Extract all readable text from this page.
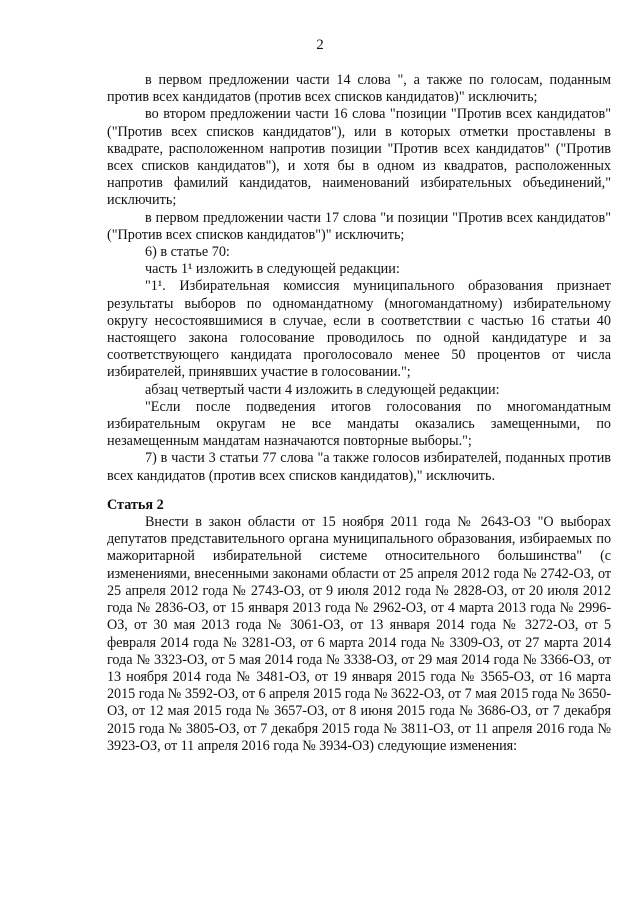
2

в первом предложении части 14 слова ", а также по голосам, поданным против всех кандидатов (против всех списков кандидатов)" исключить;

во втором предложении части 16 слова "позиции "Против всех кандидатов" ("Против всех списков кандидатов"), или в которых отметки проставлены в квадрате, расположенном напротив позиции "Против всех кандидатов" ("Против всех списков кандидатов"), и хотя бы в одном из квадратов, расположенных напротив фамилий кандидатов, наименований избирательных объединений," исключить;

в первом предложении части 17 слова "и позиции "Против всех кандидатов" ("Против всех списков кандидатов")" исключить;

6) в статье 70:

часть 1¹ изложить в следующей редакции:

"1¹. Избирательная комиссия муниципального образования признает результаты выборов по одномандатному (многомандатному) избирательному округу несостоявшимися в случае, если в соответствии с частью 16 статьи 40 настоящего закона голосование проводилось по одной кандидатуре и за соответствующего кандидата проголосовало менее 50 процентов от числа избирателей, принявших участие в голосовании.";

абзац четвертый части 4 изложить в следующей редакции:

"Если после подведения итогов голосования по многомандатным избирательным округам не все мандаты оказались замещенными, по незамещенным мандатам назначаются повторные выборы.";

7) в части 3 статьи 77 слова "а также голосов избирателей, поданных против всех кандидатов (против всех списков кандидатов)," исключить.

Статья 2

Внести в закон области от 15 ноября 2011 года № 2643-ОЗ "О выборах депутатов представительного органа муниципального образования, избираемых по мажоритарной избирательной системе относительного большинства" (с изменениями, внесенными законами области от 25 апреля 2012 года № 2742-ОЗ, от 25 апреля 2012 года № 2743-ОЗ, от 9 июля 2012 года № 2828-ОЗ, от 20 июля 2012 года № 2836-ОЗ, от 15 января 2013 года № 2962-ОЗ, от 4 марта 2013 года № 2996-ОЗ, от 30 мая 2013 года № 3061-ОЗ, от 13 января 2014 года № 3272-ОЗ, от 5 февраля 2014 года № 3281-ОЗ, от 6 марта 2014 года № 3309-ОЗ, от 27 марта 2014 года № 3323-ОЗ, от 5 мая 2014 года № 3338-ОЗ, от 29 мая 2014 года № 3366-ОЗ, от 13 ноября 2014 года № 3481-ОЗ, от 19 января 2015 года № 3565-ОЗ, от 16 марта 2015 года № 3592-ОЗ, от 6 апреля 2015 года № 3622-ОЗ, от 7 мая 2015 года № 3650-ОЗ, от 12 мая 2015 года № 3657-ОЗ, от 8 июня 2015 года № 3686-ОЗ, от 7 декабря 2015 года № 3805-ОЗ, от 7 декабря 2015 года № 3811-ОЗ, от 11 апреля 2016 года № 3923-ОЗ, от 11 апреля 2016 года № 3934-ОЗ) следующие изменения:
